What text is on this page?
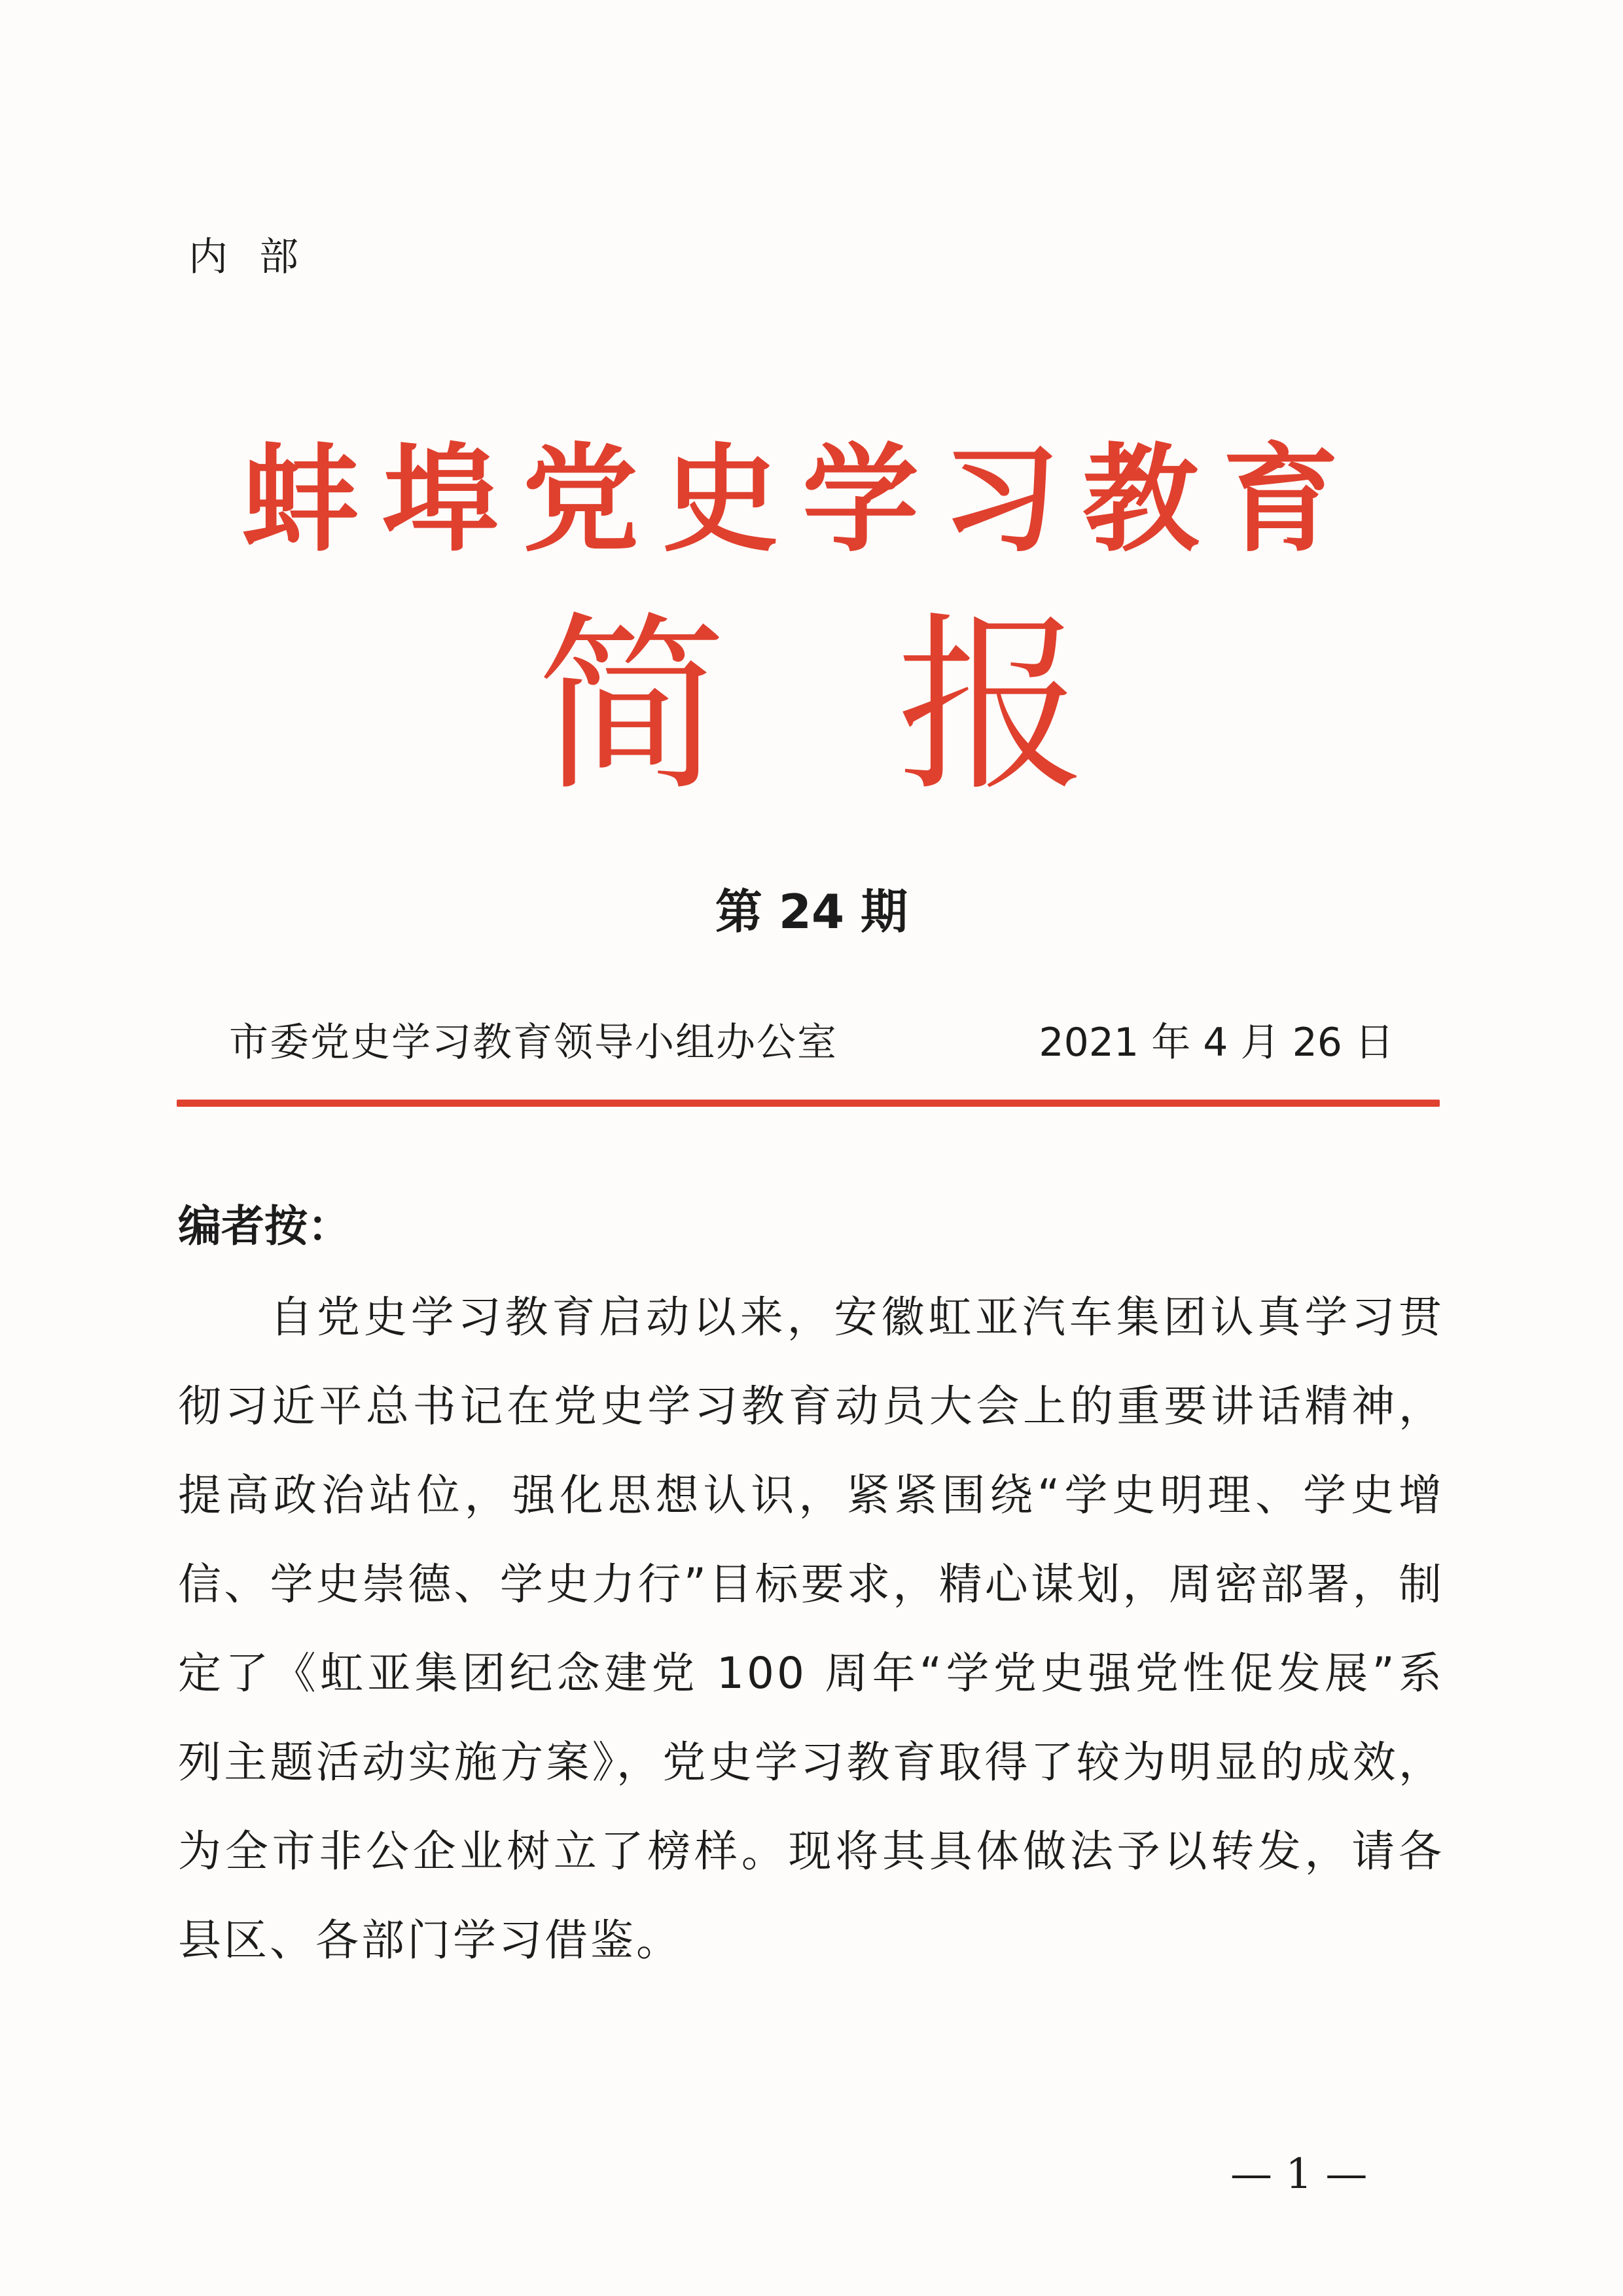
内部
蚌埠党史学习教育
简报
第 24 期
市委党史学习教育领导小组办公室	2021 年 4 月 26 日
编者按：
自党史学习教育启动以来，安徽虹亚汽车集团认真学习贯彻习近平总书记在党史学习教育动员大会上的重要讲话精神，提高政治站位，强化思想认识，紧紧围绕“学史明理、学史增信、学史崇德、学史力行”目标要求，精心谋划，周密部署，制定了《虹亚集团纪念建党 100 周年“学党史强党性促发展”系列主题活动实施方案》，党史学习教育取得了较为明显的成效，为全市非公企业树立了榜样。现将其具体做法予以转发，请各县区、各部门学习借鉴。
— 1 —
